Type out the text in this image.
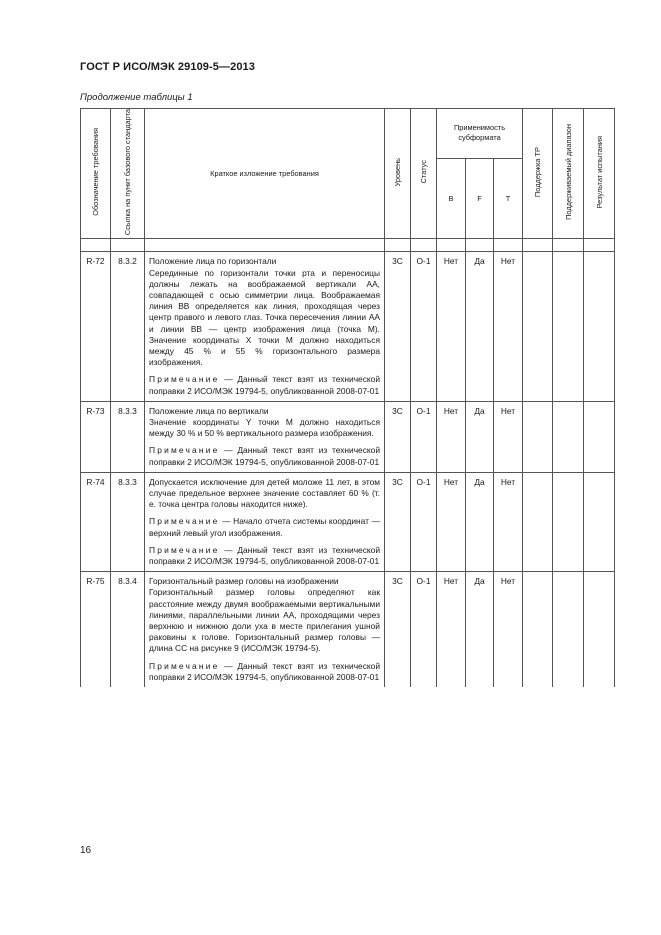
ГОСТ Р ИСО/МЭК 29109-5—2013
Продолжение таблицы 1
Обозначение требования	Ссылка на пункт базового стандарта	Краткое изложение требования	Уровень	Статус	Применимость субформата			Поддержка ТР	Поддерживаемый диапазон	Результат испытания
					B	F	T			

R-72	8.3.2	Положение лица по горизонтали

Серединные по горизонтали точки рта и переносицы должны лежать на воображаемой вертикали АА, совпадающей с осью симметрии лица. Воображаемая линия ВВ определяется как линия, проходящая через центр правого и левого глаз. Точка пересечения линии АА и линии ВВ — центр изображения лица (точка М). Значение координаты X точки М должно находиться между 45 % и 55 % горизонтального размера изображения.

Примечание — Данный текст взят из технической поправки 2 ИСО/МЭК 19794-5, опубликованной 2008-07-01	3С	О-1	Нет	Да	Нет			
R-73	8.3.3	Положение лица по вертикали

Значение координаты Y точки М должно находиться между 30 % и 50 % вертикального размера изображения.

Примечание — Данный текст взят из технической поправки 2 ИСО/МЭК 19794-5, опубликованной 2008-07-01	3С	О-1	Нет	Да	Нет			
R-74	8.3.3	Допускается исключение для детей моложе 11 лет, в этом случае предельное верхнее значение составляет 60 % (т. е. точка центра головы находится ниже).

Примечание — Начало отчета системы координат — верхний левый угол изображения.

Примечание — Данный текст взят из технической поправки 2 ИСО/МЭК 19794-5, опубликованной 2008-07-01	3С	О-1	Нет	Да	Нет			
R-75	8.3.4	Горизонтальный размер головы на изображении

Горизонтальный размер головы определяют как расстояние между двумя воображаемыми вертикальными линиями, параллельными линии АА, проходящими через верхнюю и нижнюю доли уха в месте прилегания ушной раковины к голове. Горизонтальный размер головы — длина СС на рисунке 9 (ИСО/МЭК 19794-5).

Примечание — Данный текст взят из технической поправки 2 ИСО/МЭК 19794-5, опубликованной 2008-07-01	3С	О-1	Нет	Да	Нет			
16
